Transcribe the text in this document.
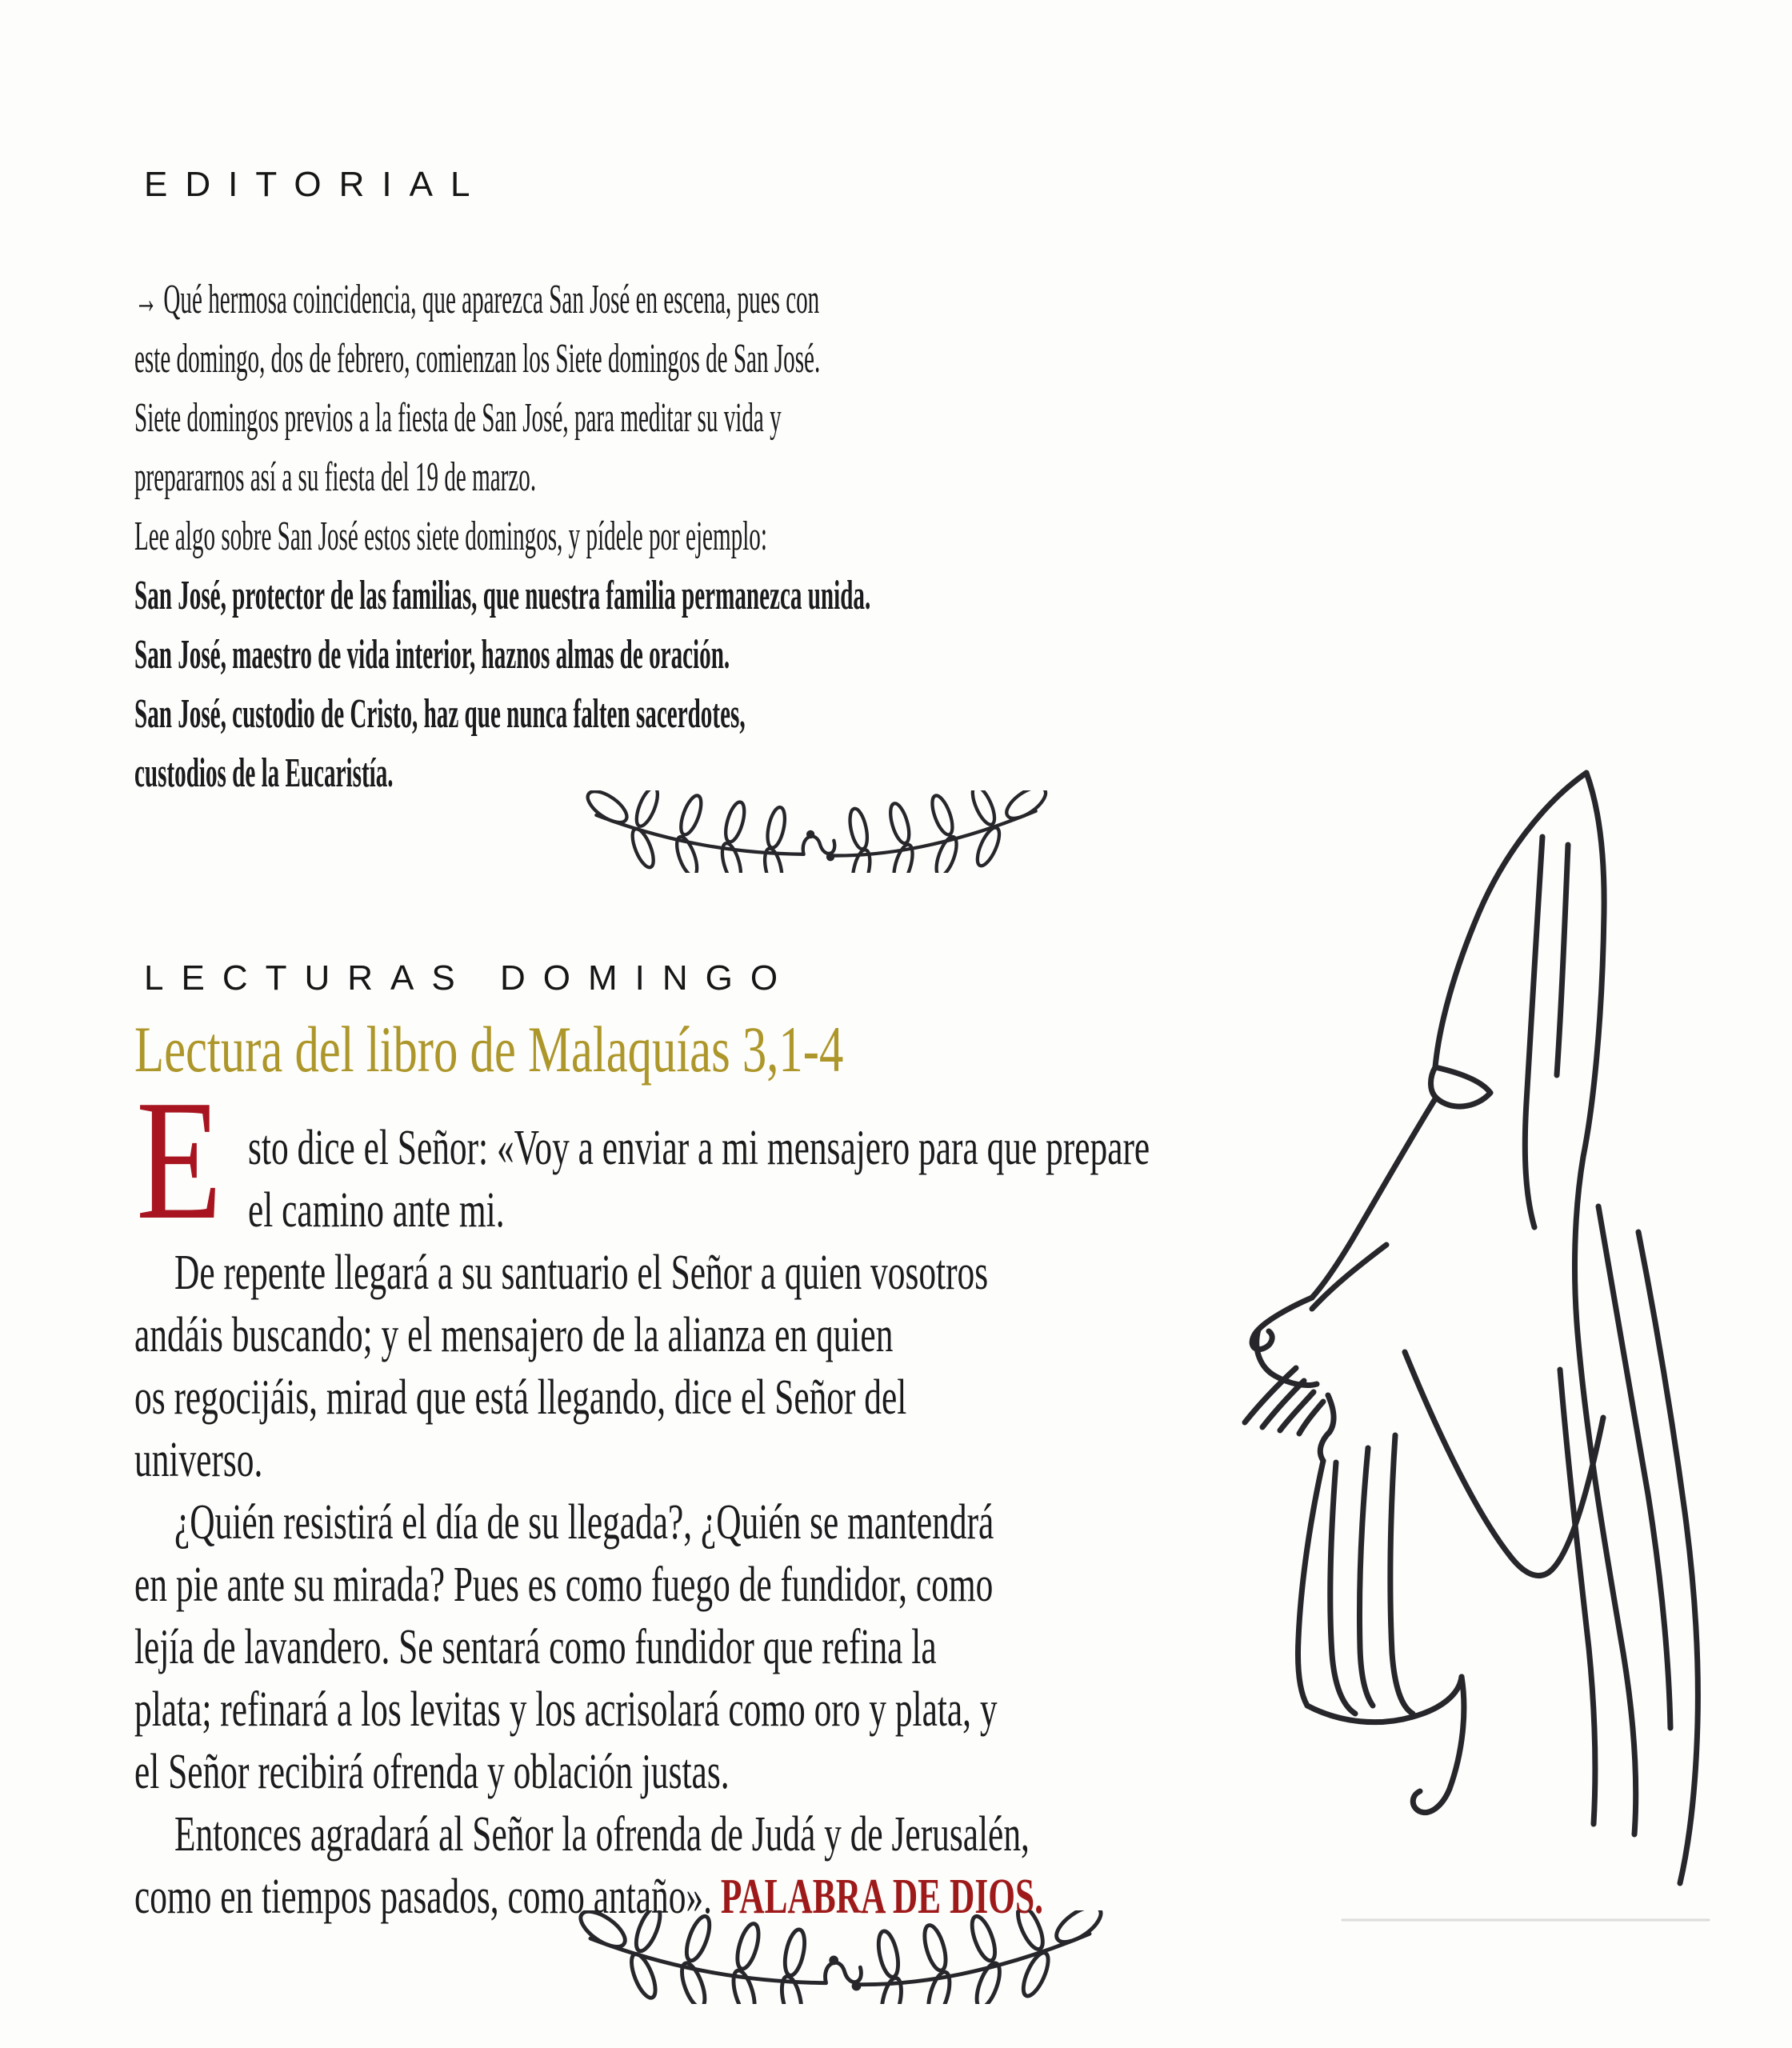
EDITORIAL
→ Qué hermosa coincidencia, que aparezca San José en escena, pues con
este domingo, dos de febrero, comienzan los Siete domingos de San José.
Siete domingos previos a la fiesta de San José, para meditar su vida y
prepararnos así a su fiesta del 19 de marzo.
Lee algo sobre San José estos siete domingos, y pídele por ejemplo:
San José, protector de las familias, que nuestra familia permanezca unida.
San José, maestro de vida interior, haznos almas de oración.
San José, custodio de Cristo, haz que nunca falten sacerdotes,
custodios de la Eucaristía.
LECTURAS DOMINGO
Lectura del libro de Malaquías 3,1-4
E sto dice el Señor: «Voy a enviar a mi mensajero para que prepare
el camino ante mi.
De repente llegará a su santuario el Señor a quien vosotros
andáis buscando; y el mensajero de la alianza en quien
os regocijáis, mirad que está llegando, dice el Señor del
universo.
¿Quién resistirá el día de su llegada?, ¿Quién se mantendrá
en pie ante su mirada? Pues es como fuego de fundidor, como
lejía de lavandero. Se sentará como fundidor que refina la
plata; refinará a los levitas y los acrisolará como oro y plata, y
el Señor recibirá ofrenda y oblación justas.
Entonces agradará al Señor la ofrenda de Judá y de Jerusalén,
como en tiempos pasados, como antaño». PALABRA DE DIOS.
